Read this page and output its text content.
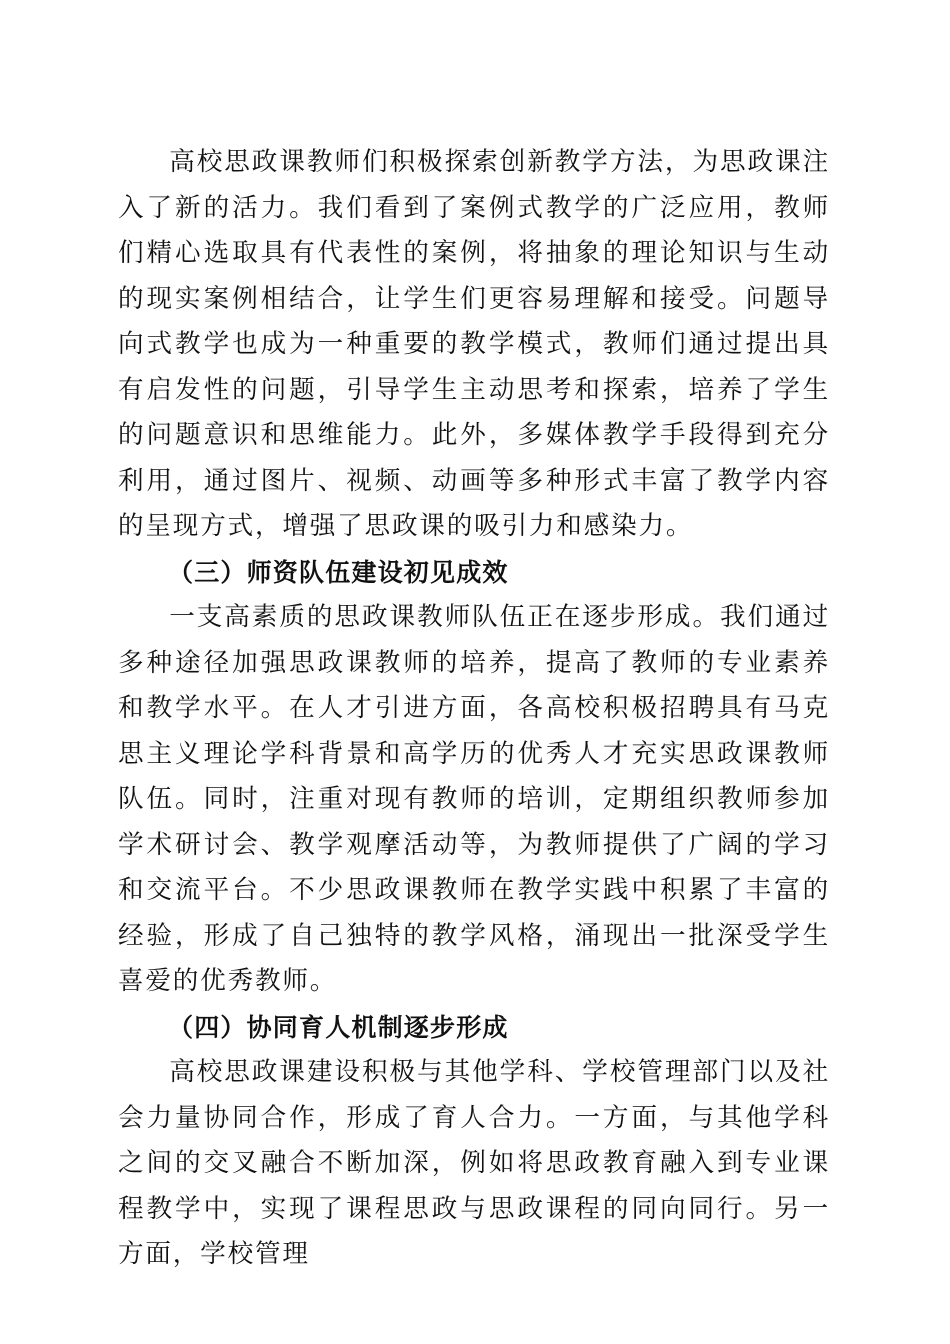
高校思政课教师们积极探索创新教学方法，为思政课注入了新的活力。我们看到了案例式教学的广泛应用，教师们精心选取具有代表性的案例，将抽象的理论知识与生动的现实案例相结合，让学生们更容易理解和接受。问题导向式教学也成为一种重要的教学模式，教师们通过提出具有启发性的问题，引导学生主动思考和探索，培养了学生的问题意识和思维能力。此外，多媒体教学手段得到充分利用，通过图片、视频、动画等多种形式丰富了教学内容的呈现方式，增强了思政课的吸引力和感染力。

（三）师资队伍建设初见成效

一支高素质的思政课教师队伍正在逐步形成。我们通过多种途径加强思政课教师的培养，提高了教师的专业素养和教学水平。在人才引进方面，各高校积极招聘具有马克思主义理论学科背景和高学历的优秀人才充实思政课教师队伍。同时，注重对现有教师的培训，定期组织教师参加学术研讨会、教学观摩活动等，为教师提供了广阔的学习和交流平台。不少思政课教师在教学实践中积累了丰富的经验，形成了自己独特的教学风格，涌现出一批深受学生喜爱的优秀教师。

（四）协同育人机制逐步形成

高校思政课建设积极与其他学科、学校管理部门以及社会力量协同合作，形成了育人合力。一方面，与其他学科之间的交叉融合不断加深，例如将思政教育融入到专业课程教学中，实现了课程思政与思政课程的同向同行。另一方面，学校管理
